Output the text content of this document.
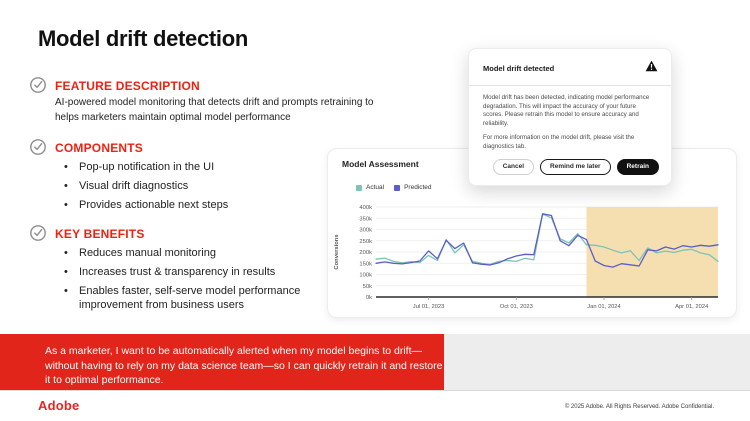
Model drift detection
FEATURE DESCRIPTION

AI-powered model monitoring that detects drift and prompts retraining to helps marketers maintain optimal model performance

COMPONENTS
• Pop-up notification in the UI
• Visual drift diagnostics
• Provides actionable next steps
KEY BENEFITS
• Reduces manual monitoring
• Increases trust & transparency in results
• Enables faster, self-serve model performance improvement from business users
Model Assessment
Actual	Predicted
0k
50k
100k
150k
200k
250k
300k
350k
400k
Jul 01, 2023	Oct 01, 2023	Jan 01, 2024	Apr 01, 2024
Conversions
Model drift detected

Model drift has been detected, indicating model performance degradation. This will impact the accuracy of your future scores. Please retrain this model to ensure accuracy and reliability.

For more information on the model drift, please visit the diagnostics tab.

Cancel	Remind me later	Retrain

As a marketer, I want to be automatically alerted when my model begins to drift—without having to rely on my data science team—so I can quickly retrain it and restore it to optimal performance.

Adobe	© 2025 Adobe. All Rights Reserved. Adobe Confidential.
